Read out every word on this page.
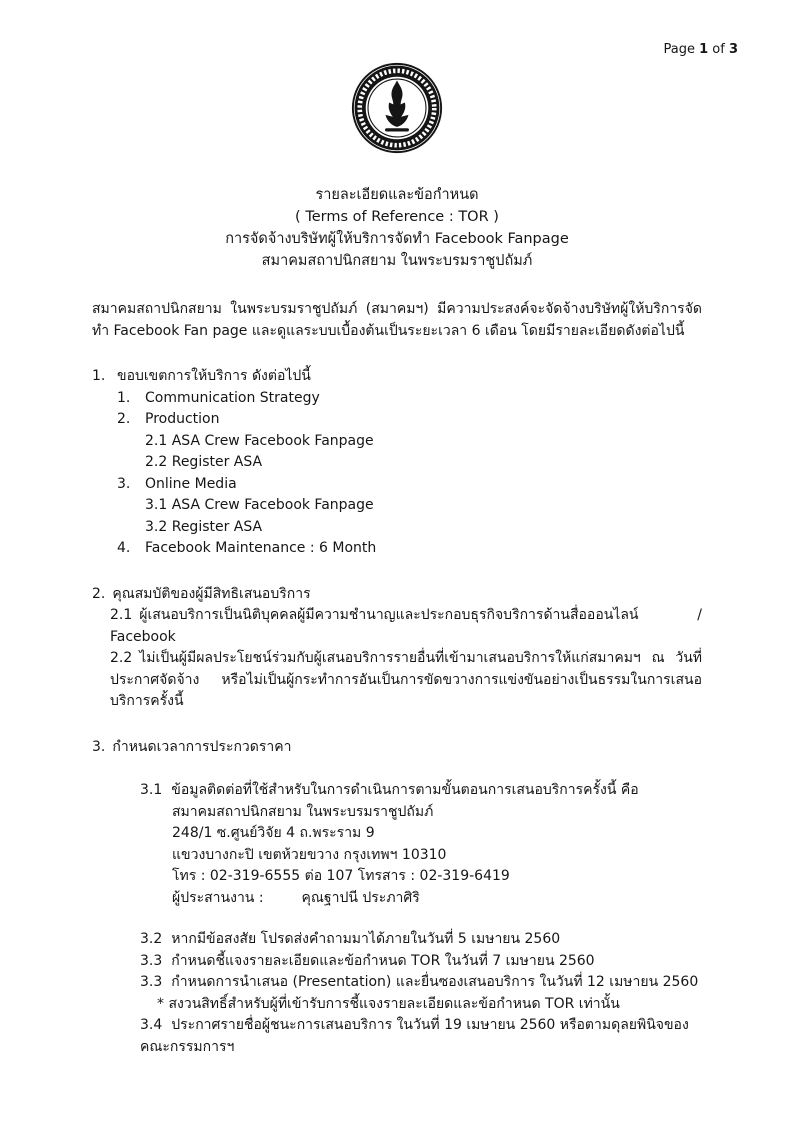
Page 1 of 3
รายละเอียดและข้อกำหนด
( Terms of Reference : TOR )
การจัดจ้างบริษัทผู้ให้บริการจัดทำ Facebook Fanpage
สมาคมสถาปนิกสยาม ในพระบรมราชูปถัมภ์

สมาคมสถาปนิกสยาม ในพระบรมราชูปถัมภ์ (สมาคมฯ) มีความประสงค์จะจัดจ้างบริษัทผู้ให้บริการจัดทำ Facebook Fan page และดูแลระบบเบื้องต้นเป็นระยะเวลา 6 เดือน โดยมีรายละเอียดดังต่อไปนี้

1. ขอบเขตการให้บริการ ดังต่อไปนี้
1.	Communication Strategy
2.	Production
2.1 ASA Crew Facebook Fanpage
2.2 Register ASA
3.	Online Media
3.1 ASA Crew Facebook Fanpage
3.2 Register ASA
4.	Facebook Maintenance : 6 Month
2. คุณสมบัติของผู้มีสิทธิเสนอบริการ
2.1 ผู้เสนอบริการเป็นนิติบุคคลผู้มีความชำนาญและประกอบธุรกิจบริการด้านสื่อออนไลน์ / Facebook
2.2 ไม่เป็นผู้มีผลประโยชน์ร่วมกับผู้เสนอบริการรายอื่นที่เข้ามาเสนอบริการให้แก่สมาคมฯ ณ วันที่ ประกาศจัดจ้าง หรือไม่เป็นผู้กระทำการอันเป็นการขัดขวางการแข่งขันอย่างเป็นธรรมในการเสนอ บริการครั้งนี้
3. กำหนดเวลาการประกวดราคา
3.1 ข้อมูลติดต่อที่ใช้สำหรับในการดำเนินการตามขั้นตอนการเสนอบริการครั้งนี้ คือ
สมาคมสถาปนิกสยาม ในพระบรมราชูปถัมภ์
248/1 ซ.ศูนย์วิจัย 4 ถ.พระราม 9
แขวงบางกะปิ เขตห้วยขวาง กรุงเทพฯ 10310
โทร : 02-319-6555 ต่อ 107 โทรสาร : 02-319-6419
ผู้ประสานงาน :	คุณฐาปนี ประภาศิริ
3.2 หากมีข้อสงสัย โปรดส่งคำถามมาได้ภายในวันที่ 5 เมษายน 2560
3.3 กำหนดชี้แจงรายละเอียดและข้อกำหนด TOR ในวันที่ 7 เมษายน 2560
3.3 กำหนดการนำเสนอ (Presentation) และยื่นซองเสนอบริการ ในวันที่ 12 เมษายน 2560
* สงวนสิทธิ์สำหรับผู้ที่เข้ารับการชี้แจงรายละเอียดและข้อกำหนด TOR เท่านั้น
3.4 ประกาศรายชื่อผู้ชนะการเสนอบริการ ในวันที่ 19 เมษายน 2560 หรือตามดุลยพินิจของคณะกรรมการฯ
